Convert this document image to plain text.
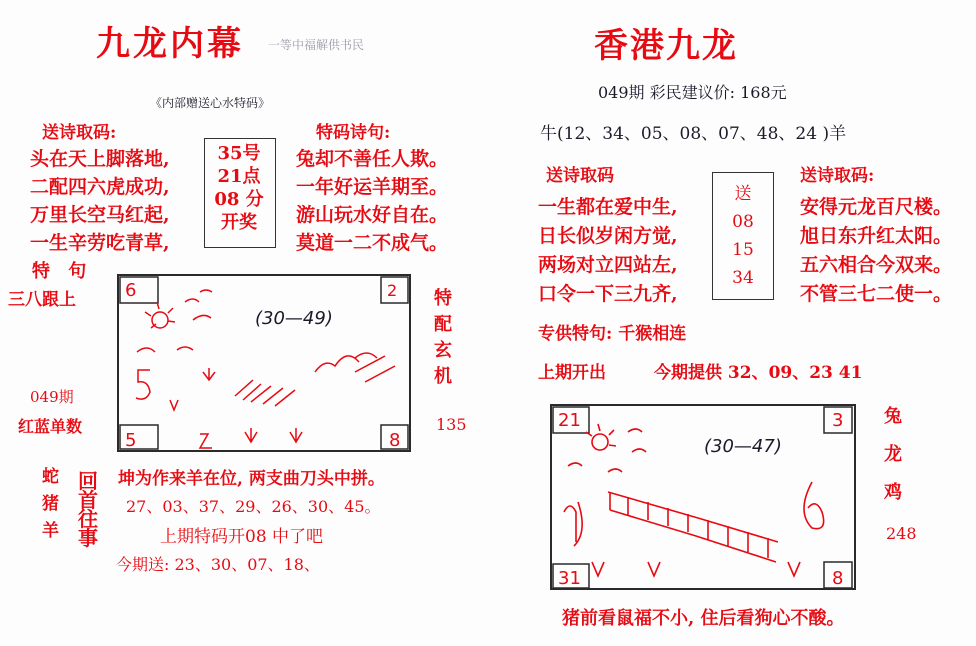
九龙内幕 一等中福解供书民
《内部赠送心水特码》
送诗取码:
头在天上脚落地,
二配四六虎成功,
万里长空马红起,
一生辛劳吃青草,
35号
21点
08 分
开奖
特码诗句:
兔却不善任人欺。
一年好运羊期至。
游山玩水好自在。
莫道一二不成气。
特 句
三八跟上
049期
红蓝单数
特
配
玄
机
135
6	2
5	8
(30—49)
蛇
猪
羊
回
首
往
事
坤为作来羊在位, 两支曲刀头中拼。
27、03、37、29、26、30、45。
上期特码开08 中了吧
今期送: 23、30、07、18、
香港九龙
049期 彩民建议价: 168元
牛(12、34、05、08、07、48、24 )羊
送诗取码
一生都在爱中生,
日长似岁闲方觉,
两场对立四站左,
口令一下三九齐,
送
08
15
34
送诗取码:
安得元龙百尺楼。
旭日东升红太阳。
五六相合今双来。
不管三七二使一。
专供特句: 千猴相连
上期开出	今期提供 32、09、23 41
21	3
31	8
(30—47)
兔
龙
鸡
248
猪前看鼠福不小, 住后看狗心不酸。
